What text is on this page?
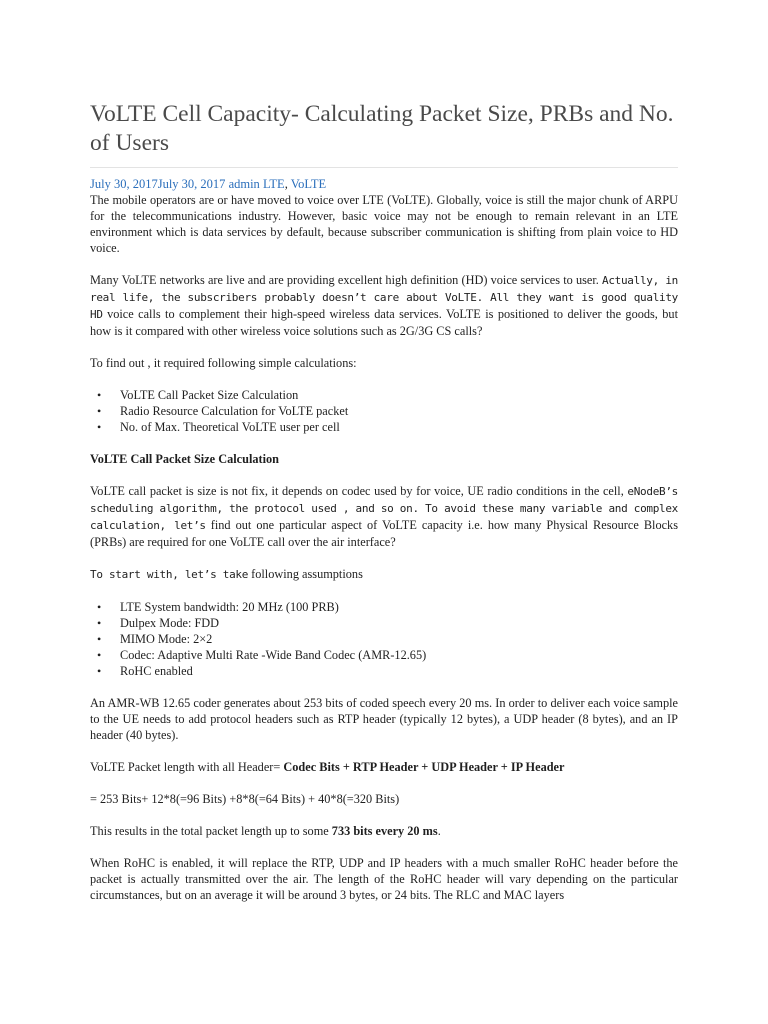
VoLTE Cell Capacity- Calculating Packet Size, PRBs and No. of Users
July 30, 2017July 30, 2017 admin LTE, VoLTE

The mobile operators are or have moved to voice over LTE (VoLTE). Globally, voice is still the major chunk of ARPU for the telecommunications industry. However, basic voice may not be enough to remain relevant in an LTE environment which is data services by default, because subscriber communication is shifting from plain voice to HD voice.

Many VoLTE networks are live and are providing excellent high definition (HD) voice services to user. Actually, in real life, the subscribers probably doesn’t care about VoLTE. All they want is good quality HD voice calls to complement their high-speed wireless data services. VoLTE is positioned to deliver the goods, but how is it compared with other wireless voice solutions such as 2G/3G CS calls?

To find out , it required following simple calculations:

• VoLTE Call Packet Size Calculation
• Radio Resource Calculation for VoLTE packet
• No. of Max. Theoretical VoLTE user per cell

VoLTE Call Packet Size Calculation

VoLTE call packet is size is not fix, it depends on codec used by for voice, UE radio conditions in the cell, eNodeB’s scheduling algorithm, the protocol used , and so on. To avoid these many variable and complex calculation, let’s find out one particular aspect of VoLTE capacity i.e. how many Physical Resource Blocks (PRBs) are required for one VoLTE call over the air interface?

To start with, let’s take following assumptions

• LTE System bandwidth: 20 MHz (100 PRB)
• Dulpex Mode: FDD
• MIMO Mode: 2×2
• Codec: Adaptive Multi Rate -Wide Band Codec (AMR-12.65)
• RoHC enabled

An AMR-WB 12.65 coder generates about 253 bits of coded speech every 20 ms. In order to deliver each voice sample to the UE needs to add protocol headers such as RTP header (typically 12 bytes), a UDP header (8 bytes), and an IP header (40 bytes).

VoLTE Packet length with all Header= Codec Bits + RTP Header + UDP Header + IP Header

= 253 Bits+ 12*8(=96 Bits) +8*8(=64 Bits) + 40*8(=320 Bits)

This results in the total packet length up to some 733 bits every 20 ms.

When RoHC is enabled, it will replace the RTP, UDP and IP headers with a much smaller RoHC header before the packet is actually transmitted over the air. The length of the RoHC header will vary depending on the particular circumstances, but on an average it will be around 3 bytes, or 24 bits. The RLC and MAC layers
